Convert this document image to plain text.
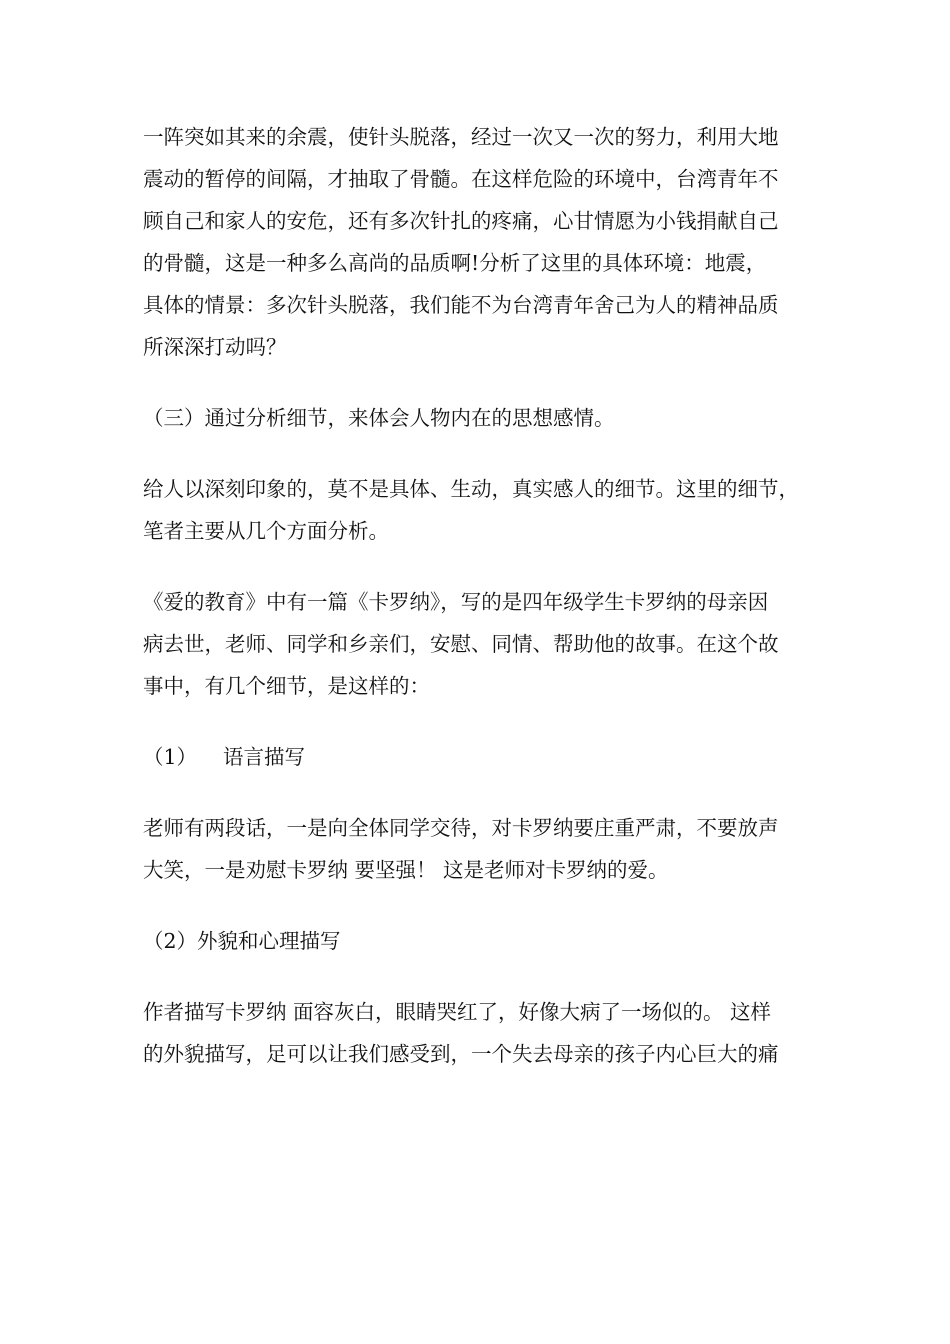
一阵突如其来的余震，使针头脱落，经过一次又一次的努力，利用大地
震动的暂停的间隔，才抽取了骨髓。在这样危险的环境中，台湾青年不
顾自己和家人的安危，还有多次针扎的疼痛，心甘情愿为小钱捐献自己
的骨髓，这是一种多么高尚的品质啊!分析了这里的具体环境：地震，
具体的情景：多次针头脱落，我们能不为台湾青年舍己为人的精神品质
所深深打动吗？

（三）通过分析细节，来体会人物内在的思想感情。

给人以深刻印象的，莫不是具体、生动，真实感人的细节。这里的细节，
笔者主要从几个方面分析。

《爱的教育》中有一篇《卡罗纳》，写的是四年级学生卡罗纳的母亲因
病去世，老师、同学和乡亲们，安慰、同情、帮助他的故事。在这个故
事中，有几个细节，是这样的：

（1） 语言描写

老师有两段话，一是向全体同学交待，对卡罗纳要庄重严肃，不要放声
大笑，一是劝慰卡罗纳 要坚强！ 这是老师对卡罗纳的爱。

（2）外貌和心理描写

作者描写卡罗纳 面容灰白，眼睛哭红了，好像大病了一场似的。 这样
的外貌描写，足可以让我们感受到，一个失去母亲的孩子内心巨大的痛
